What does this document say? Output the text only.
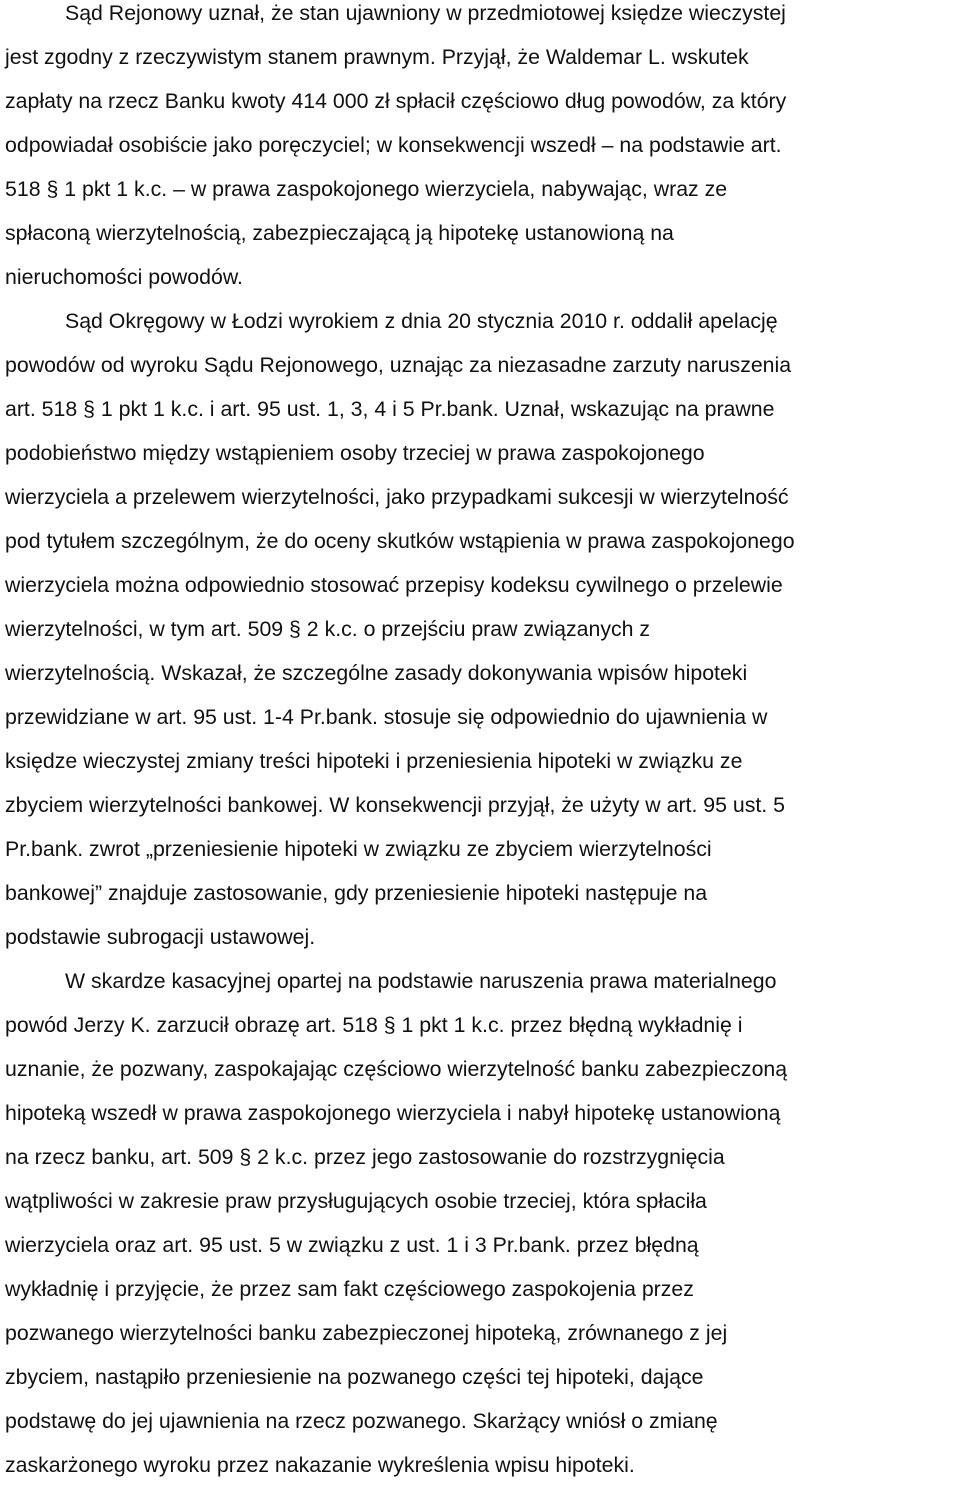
Sąd Rejonowy uznał, że stan ujawniony w przedmiotowej księdze wieczystej
jest zgodny z rzeczywistym stanem prawnym. Przyjął, że Waldemar L. wskutek
zapłaty na rzecz Banku kwoty 414 000 zł spłacił częściowo dług powodów, za który
odpowiadał osobiście jako poręczyciel; w konsekwencji wszedł – na podstawie art.
518 § 1 pkt 1 k.c. – w prawa zaspokojonego wierzyciela, nabywając, wraz ze
spłaconą wierzytelnością, zabezpieczającą ją hipotekę ustanowioną na
nieruchomości powodów.
Sąd Okręgowy w Łodzi wyrokiem z dnia 20 stycznia 2010 r. oddalił apelację
powodów od wyroku Sądu Rejonowego, uznając za niezasadne zarzuty naruszenia
art. 518 § 1 pkt 1 k.c. i art. 95 ust. 1, 3, 4 i 5 Pr.bank. Uznał, wskazując na prawne
podobieństwo między wstąpieniem osoby trzeciej w prawa zaspokojonego
wierzyciela a przelewem wierzytelności, jako przypadkami sukcesji w wierzytelność
pod tytułem szczególnym, że do oceny skutków wstąpienia w prawa zaspokojonego
wierzyciela można odpowiednio stosować przepisy kodeksu cywilnego o przelewie
wierzytelności, w tym art. 509 § 2 k.c. o przejściu praw związanych z
wierzytelnością. Wskazał, że szczególne zasady dokonywania wpisów hipoteki
przewidziane w art. 95 ust. 1-4 Pr.bank. stosuje się odpowiednio do ujawnienia w
księdze wieczystej zmiany treści hipoteki i przeniesienia hipoteki w związku ze
zbyciem wierzytelności bankowej. W konsekwencji przyjął, że użyty w art. 95 ust. 5
Pr.bank. zwrot „przeniesienie hipoteki w związku ze zbyciem wierzytelności
bankowej” znajduje zastosowanie, gdy przeniesienie hipoteki następuje na
podstawie subrogacji ustawowej.
W skardze kasacyjnej opartej na podstawie naruszenia prawa materialnego
powód Jerzy K. zarzucił obrazę art. 518 § 1 pkt 1 k.c. przez błędną wykładnię i
uznanie, że pozwany, zaspokajając częściowo wierzytelność banku zabezpieczoną
hipoteką wszedł w prawa zaspokojonego wierzyciela i nabył hipotekę ustanowioną
na rzecz banku, art. 509 § 2 k.c. przez jego zastosowanie do rozstrzygnięcia
wątpliwości w zakresie praw przysługujących osobie trzeciej, która spłaciła
wierzyciela oraz art. 95 ust. 5 w związku z ust. 1 i 3 Pr.bank. przez błędną
wykładnię i przyjęcie, że przez sam fakt częściowego zaspokojenia przez
pozwanego wierzytelności banku zabezpieczonej hipoteką, zrównanego z jej
zbyciem, nastąpiło przeniesienie na pozwanego części tej hipoteki, dające
podstawę do jej ujawnienia na rzecz pozwanego. Skarżący wniósł o zmianę
zaskarżonego wyroku przez nakazanie wykreślenia wpisu hipoteki.
